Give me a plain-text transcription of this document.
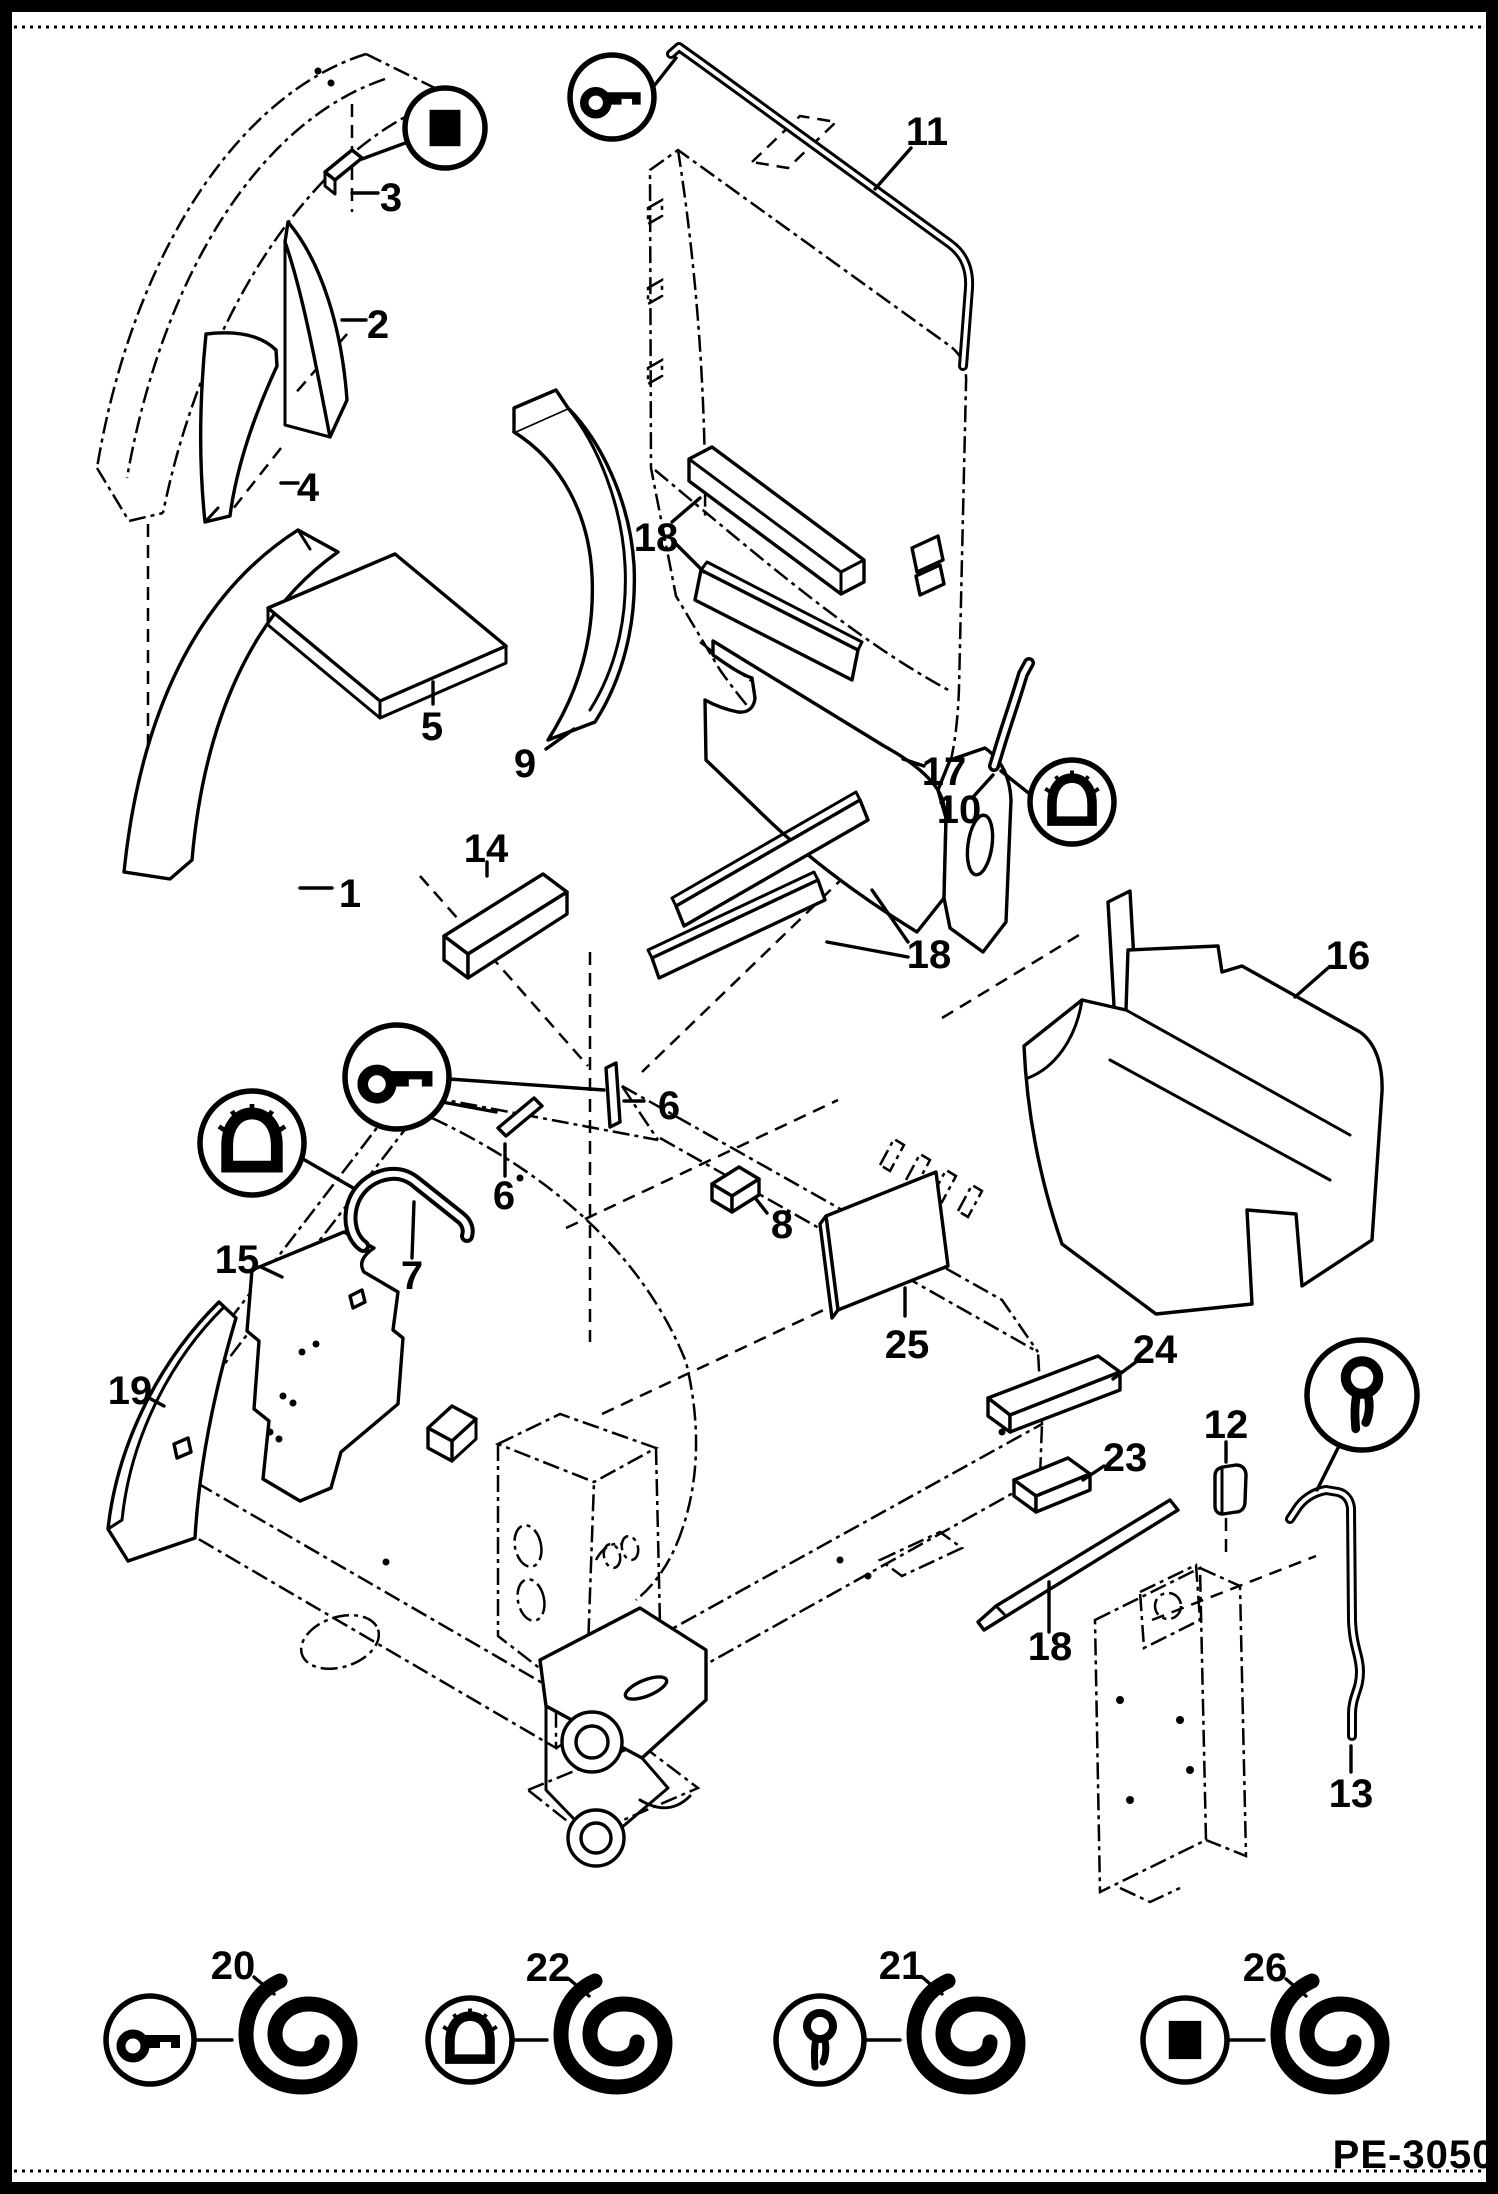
1
2
3
4
5
9
14
18
17
10
11
16
6
6
7
8
25
15
19
24
23
12
13
18
18
20	22	21	26
PE-3050
